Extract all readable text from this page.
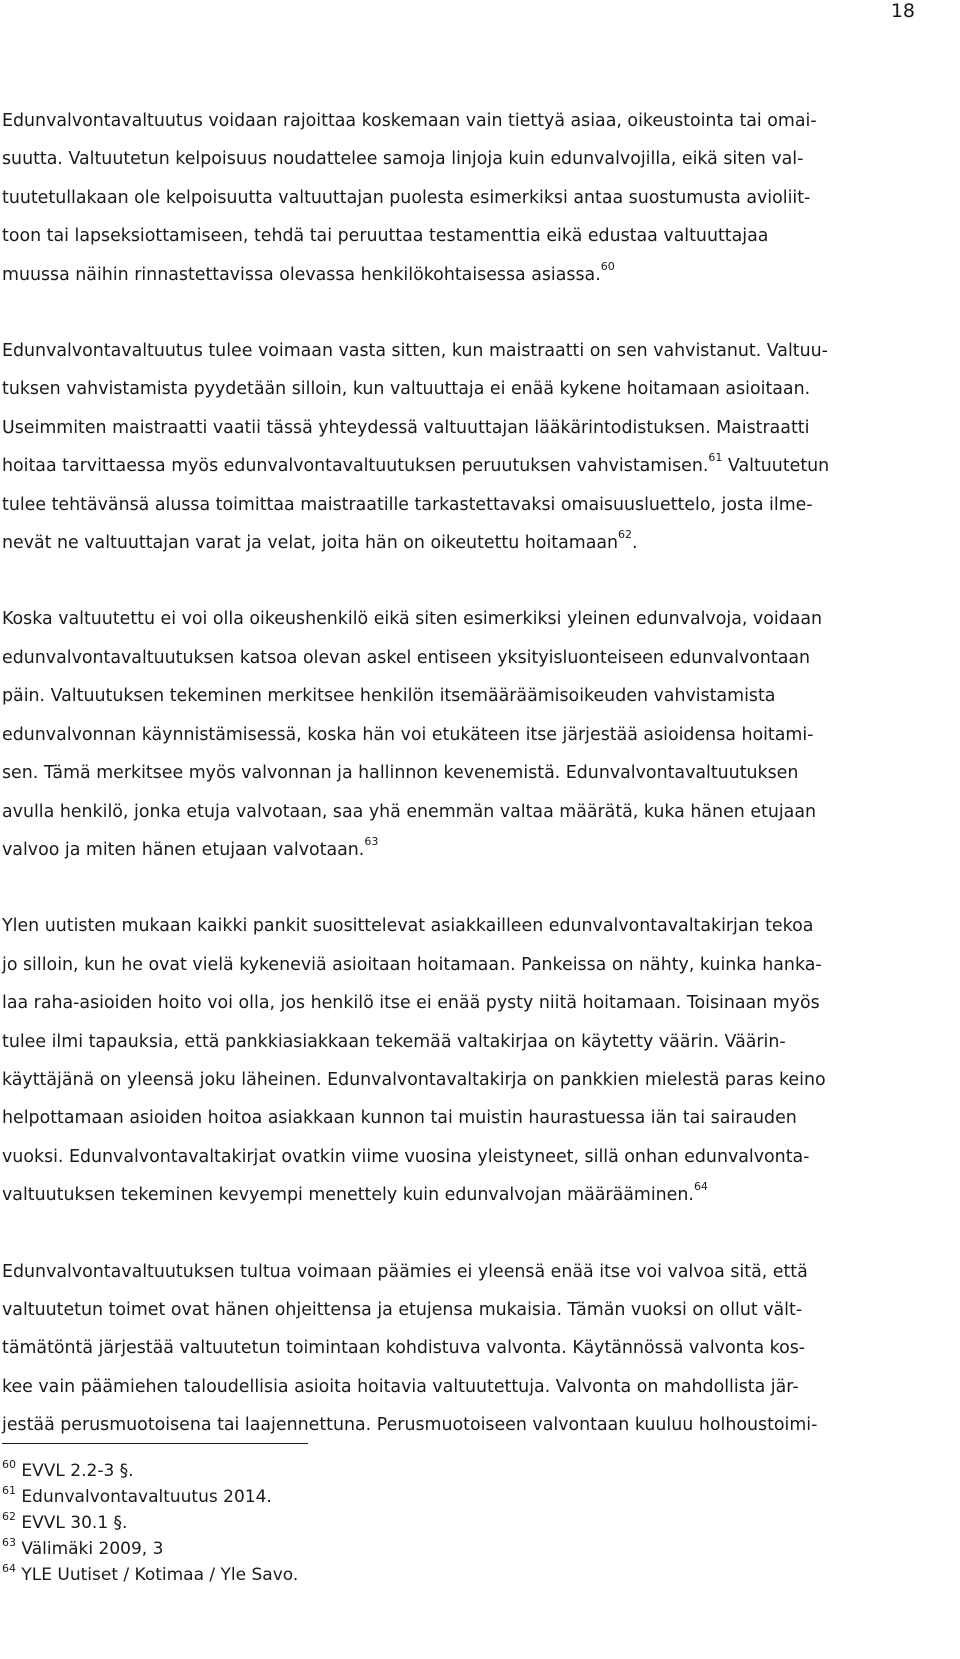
18
Edunvalvontavaltuutus voidaan rajoittaa koskemaan vain tiettyä asiaa, oikeustointa tai omai-
suutta. Valtuutetun kelpoisuus noudattelee samoja linjoja kuin edunvalvojilla, eikä siten val-
tuutetullakaan ole kelpoisuutta valtuuttajan puolesta esimerkiksi antaa suostumusta avioliit-
toon tai lapseksiottamiseen, tehdä tai peruuttaa testamenttia eikä edustaa valtuuttajaa
muussa näihin rinnastettavissa olevassa henkilökohtaisessa asiassa.$^{60}$
Edunvalvontavaltuutus tulee voimaan vasta sitten, kun maistraatti on sen vahvistanut. Valtuu-
tuksen vahvistamista pyydetään silloin, kun valtuuttaja ei enää kykene hoitamaan asioitaan.
Useimmiten maistraatti vaatii tässä yhteydessä valtuuttajan lääkärintodistuksen. Maistraatti
hoitaa tarvittaessa myös edunvalvontavaltuutuksen peruutuksen vahvistamisen.$^{61}$ Valtuutetun
tulee tehtävänsä alussa toimittaa maistraatille tarkastettavaksi omaisuusluettelo, josta ilme-
nevät ne valtuuttajan varat ja velat, joita hän on oikeutettu hoitamaan$^{62}$.
Koska valtuutettu ei voi olla oikeushenkilö eikä siten esimerkiksi yleinen edunvalvoja, voidaan
edunvalvontavaltuutuksen katsoa olevan askel entiseen yksityisluonteiseen edunvalvontaan
päin. Valtuutuksen tekeminen merkitsee henkilön itsemääräämisoikeuden vahvistamista
edunvalvonnan käynnistämisessä, koska hän voi etukäteen itse järjestää asioidensa hoitami-
sen. Tämä merkitsee myös valvonnan ja hallinnon kevenemistä. Edunvalvontavaltuutuksen
avulla henkilö, jonka etuja valvotaan, saa yhä enemmän valtaa määrätä, kuka hänen etujaan
valvoo ja miten hänen etujaan valvotaan.$^{63}$
Ylen uutisten mukaan kaikki pankit suosittelevat asiakkailleen edunvalvontavaltakirjan tekoa
jo silloin, kun he ovat vielä kykeneviä asioitaan hoitamaan. Pankeissa on nähty, kuinka hanka-
laa raha-asioiden hoito voi olla, jos henkilö itse ei enää pysty niitä hoitamaan. Toisinaan myös
tulee ilmi tapauksia, että pankkiasiakkaan tekemää valtakirjaa on käytetty väärin. Väärin-
käyttäjänä on yleensä joku läheinen. Edunvalvontavaltakirja on pankkien mielestä paras keino
helpottamaan asioiden hoitoa asiakkaan kunnon tai muistin haurastuessa iän tai sairauden
vuoksi. Edunvalvontavaltakirjat ovatkin viime vuosina yleistyneet, sillä onhan edunvalvonta-
valtuutuksen tekeminen kevyempi menettely kuin edunvalvojan määrääminen.$^{64}$
Edunvalvontavaltuutuksen tultua voimaan päämies ei yleensä enää itse voi valvoa sitä, että
valtuutetun toimet ovat hänen ohjeittensa ja etujensa mukaisia. Tämän vuoksi on ollut vält-
tämätöntä järjestää valtuutetun toimintaan kohdistuva valvonta. Käytännössä valvonta kos-
kee vain päämiehen taloudellisia asioita hoitavia valtuutettuja. Valvonta on mahdollista jär-
jestää perusmuotoisena tai laajennettuna. Perusmuotoiseen valvontaan kuuluu holhoustoimi-
$^{60}$ EVVL 2.2-3 §.
$^{61}$ Edunvalvontavaltuutus 2014.
$^{62}$ EVVL 30.1 §.
$^{63}$ Välimäki 2009, 3
$^{64}$ YLE Uutiset / Kotimaa / Yle Savo.
